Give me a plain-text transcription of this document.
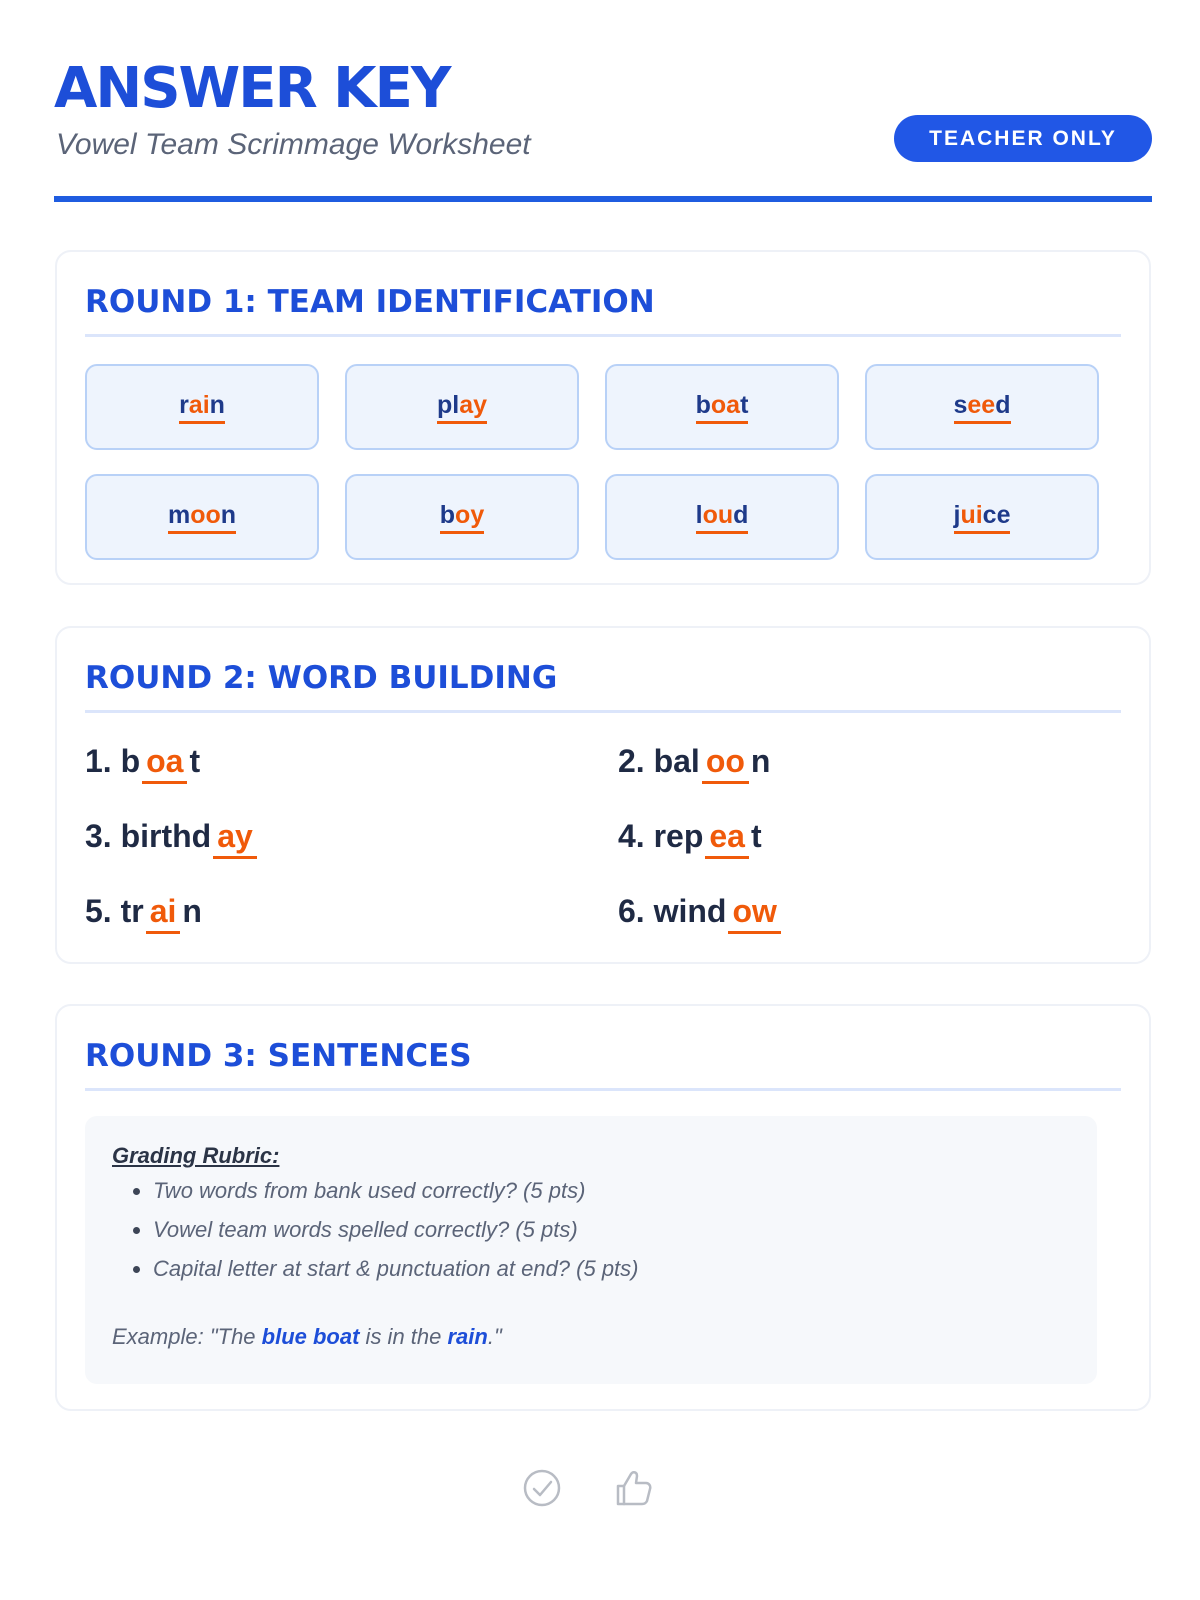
ANSWER KEY
Vowel Team Scrimmage Worksheet	TEACHER ONLY
ROUND 1: TEAM IDENTIFICATION
rain	play	boat	seed
moon	boy	loud	juice
ROUND 2: WORD BUILDING
1. b oa t	2. bal oo n
3. birthd ay	4. rep ea t
5. tr ai n	6. wind ow
ROUND 3: SENTENCES
Grading Rubric:
• Two words from bank used correctly? (5 pts)
• Vowel team words spelled correctly? (5 pts)
• Capital letter at start & punctuation at end? (5 pts)
Example: "The blue boat is in the rain."
